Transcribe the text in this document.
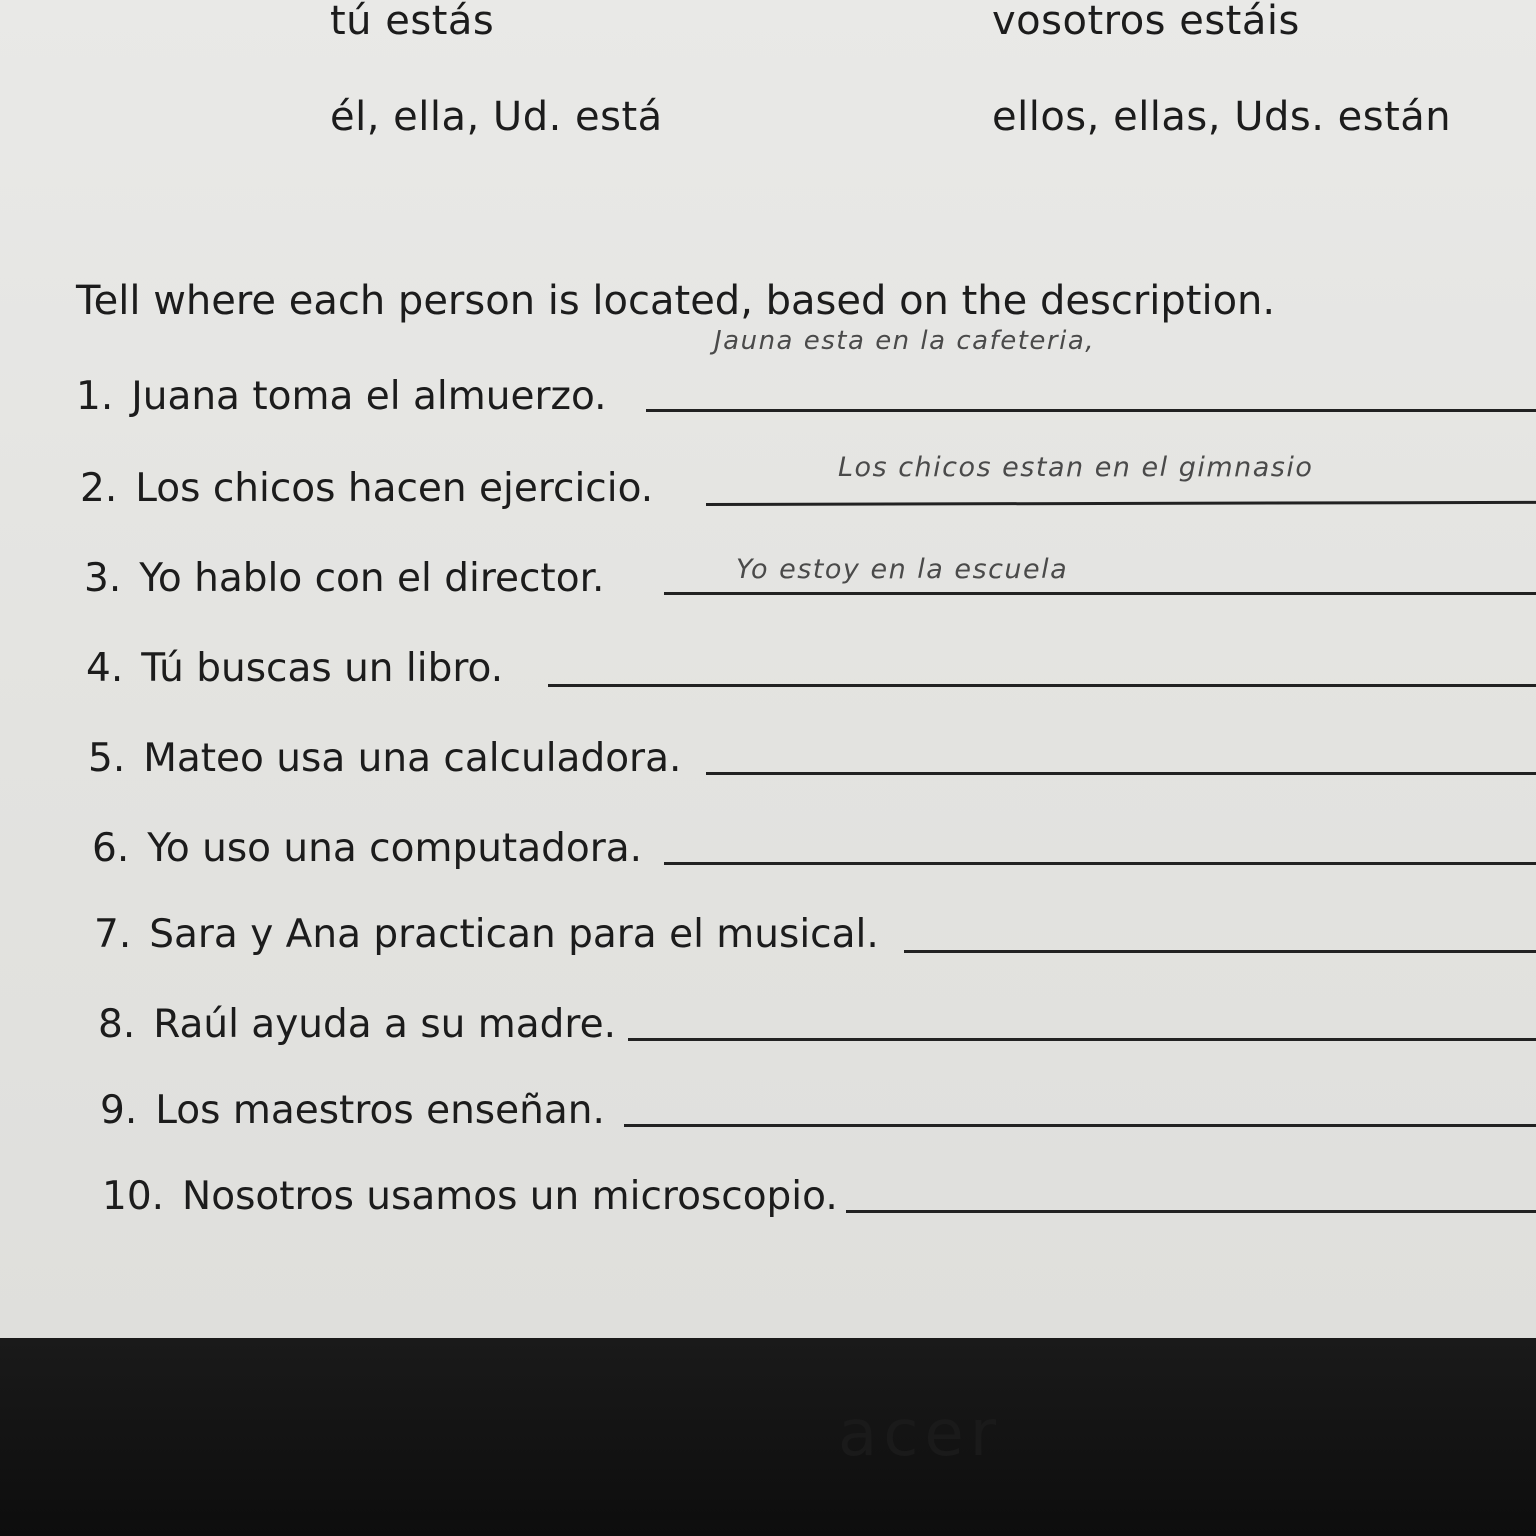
tú estás	vosotros estáis
él, ella, Ud. está	ellos, ellas, Uds. están
Tell where each person is located, based on the description.
1. Juana toma el almuerzo.
Jauna esta en la cafeteria,
2. Los chicos hacen ejercicio.	Los chicos estan en el gimnasio
3. Yo hablo con el director.	Yo estoy en la escuela
4. Tú buscas un libro.
5. Mateo usa una calculadora.
6. Yo uso una computadora.
7. Sara y Ana practican para el musical.
8. Raúl ayuda a su madre.
9. Los maestros enseñan.
10. Nosotros usamos un microscopio.
acer
